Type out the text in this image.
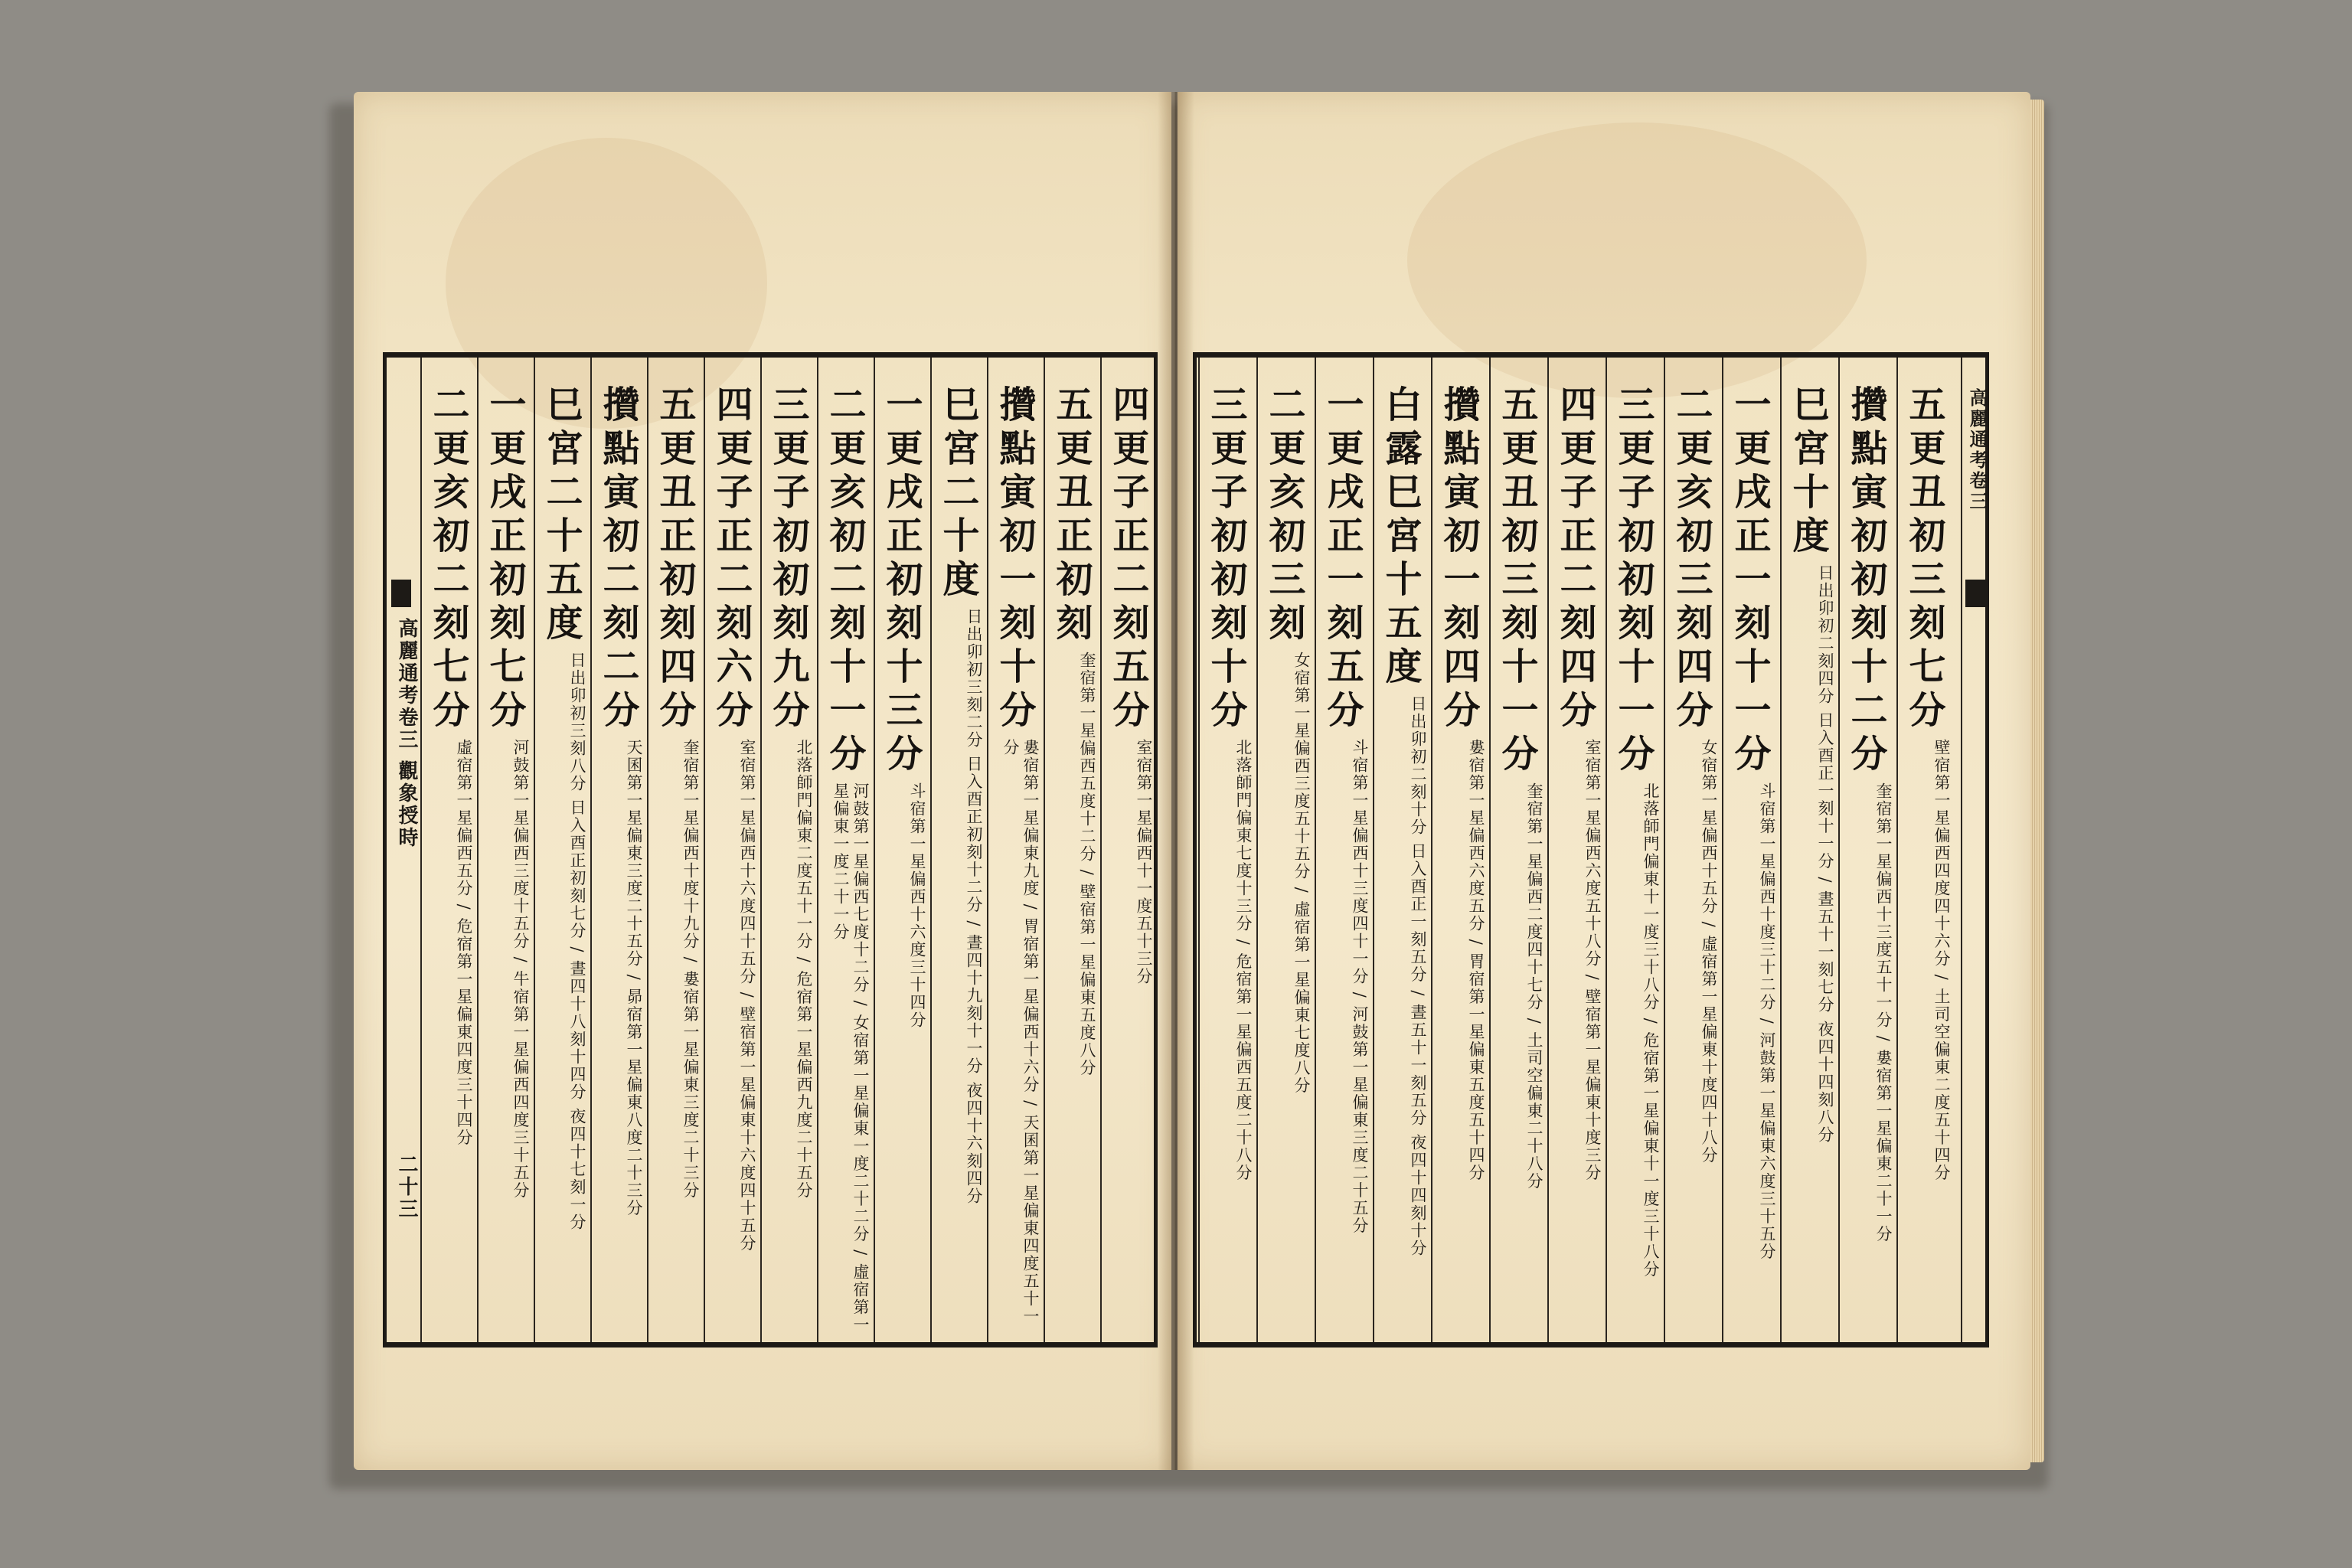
高麗通考卷三 觀象授時
二十三
四更子正二刻五分
室宿第一星偏西十一度五十三分
五更丑正初刻
奎宿第一星偏西五度十二分 / 壁宿第一星偏東五度八分
攢點寅初一刻十分
婁宿第一星偏東九度 / 胃宿第一星偏西十六分 / 天囷第一星偏東四度五十一分
巳宮二十度
日出卯初三刻二分 日入酉正初刻十二分 / 晝四十九刻十一分 夜四十六刻四分
一更戌正初刻十三分
斗宿第一星偏西十六度三十四分
二更亥初二刻十一分
河鼓第一星偏西七度十二分 / 女宿第一星偏東一度二十二分 / 虛宿第一星偏東一度二十一分
三更子初初刻九分
北落師門偏東二度五十一分 / 危宿第一星偏西九度二十五分
四更子正二刻六分
室宿第一星偏西十六度四十五分 / 壁宿第一星偏東十六度四十五分
五更丑正初刻四分
奎宿第一星偏西十度十九分 / 婁宿第一星偏東三度二十三分
攢點寅初二刻二分
天囷第一星偏東三度二十五分 / 昴宿第一星偏東八度二十三分
巳宮二十五度
日出卯初三刻八分 日入酉正初刻七分 / 晝四十八刻十四分 夜四十七刻一分
一更戌正初刻七分
河鼓第一星偏西三度十五分 / 牛宿第一星偏西四度三十五分
二更亥初二刻七分
虛宿第一星偏西五分 / 危宿第一星偏東四度三十四分
五更丑初三刻七分
壁宿第一星偏西四度四十六分 / 土司空偏東二度五十四分
攢點寅初初刻十二分
奎宿第一星偏西十三度五十一分 / 婁宿第一星偏東二十一分
巳宮十度
日出卯初二刻四分 日入酉正一刻十一分 / 晝五十一刻七分 夜四十四刻八分
一更戌正一刻十一分
斗宿第一星偏西十度三十二分 / 河鼓第一星偏東六度三十五分
二更亥初三刻四分
女宿第一星偏西十五分 / 虛宿第一星偏東十度四十八分
三更子初初刻十一分
北落師門偏東十一度三十八分 / 危宿第一星偏東十一度三十八分
四更子正二刻四分
室宿第一星偏西六度五十八分 / 壁宿第一星偏東十度三分
五更丑初三刻十一分
奎宿第一星偏西二度四十七分 / 土司空偏東二十八分
攢點寅初一刻四分
婁宿第一星偏西六度五分 / 胃宿第一星偏東五度五十四分
白露巳宮十五度
日出卯初二刻十分 日入酉正一刻五分 / 晝五十一刻五分 夜四十四刻十分
一更戌正一刻五分
斗宿第一星偏西十三度四十一分 / 河鼓第一星偏東三度二十五分
二更亥初三刻
女宿第一星偏西三度五十五分 / 虛宿第一星偏東七度八分
三更子初初刻十分
北落師門偏東七度十三分 / 危宿第一星偏西五度二十八分
高麗通考卷三
